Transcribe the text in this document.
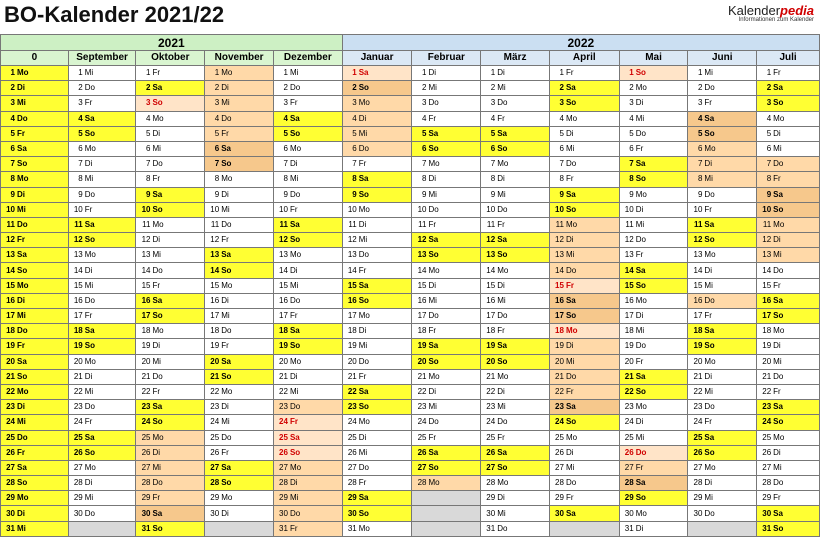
BO-Kalender 2021/22	Kalenderpedia
Informationen zum Kalender
2021					2022						
0	September	Oktober	November	Dezember	Januar	Februar	März	April	Mai	Juni	Juli
1 Mo	1 Mi	1 Fr	1 Mo	1 Mi	1 Sa	1 Di	1 Di	1 Fr	1 So	1 Mi	1 Fr
2 Di	2 Do	2 Sa	2 Di	2 Do	2 So	2 Mi	2 Mi	2 Sa	2 Mo	2 Do	2 Sa
3 Mi	3 Fr	3 So	3 Mi	3 Fr	3 Mo	3 Do	3 Do	3 So	3 Di	3 Fr	3 So
4 Do	4 Sa	4 Mo	4 Do	4 Sa	4 Di	4 Fr	4 Fr	4 Mo	4 Mi	4 Sa	4 Mo
5 Fr	5 So	5 Di	5 Fr	5 So	5 Mi	5 Sa	5 Sa	5 Di	5 Do	5 So	5 Di
6 Sa	6 Mo	6 Mi	6 Sa	6 Mo	6 Do	6 So	6 So	6 Mi	6 Fr	6 Mo	6 Mi
7 So	7 Di	7 Do	7 So	7 Di	7 Fr	7 Mo	7 Mo	7 Do	7 Sa	7 Di	7 Do
8 Mo	8 Mi	8 Fr	8 Mo	8 Mi	8 Sa	8 Di	8 Di	8 Fr	8 So	8 Mi	8 Fr
9 Di	9 Do	9 Sa	9 Di	9 Do	9 So	9 Mi	9 Mi	9 Sa	9 Mo	9 Do	9 Sa
10 Mi	10 Fr	10 So	10 Mi	10 Fr	10 Mo	10 Do	10 Do	10 So	10 Di	10 Fr	10 So
11 Do	11 Sa	11 Mo	11 Do	11 Sa	11 Di	11 Fr	11 Fr	11 Mo	11 Mi	11 Sa	11 Mo
12 Fr	12 So	12 Di	12 Fr	12 So	12 Mi	12 Sa	12 Sa	12 Di	12 Do	12 So	12 Di
13 Sa	13 Mo	13 Mi	13 Sa	13 Mo	13 Do	13 So	13 So	13 Mi	13 Fr	13 Mo	13 Mi
14 So	14 Di	14 Do	14 So	14 Di	14 Fr	14 Mo	14 Mo	14 Do	14 Sa	14 Di	14 Do
15 Mo	15 Mi	15 Fr	15 Mo	15 Mi	15 Sa	15 Di	15 Di	15 Fr	15 So	15 Mi	15 Fr
16 Di	16 Do	16 Sa	16 Di	16 Do	16 So	16 Mi	16 Mi	16 Sa	16 Mo	16 Do	16 Sa
17 Mi	17 Fr	17 So	17 Mi	17 Fr	17 Mo	17 Do	17 Do	17 So	17 Di	17 Fr	17 So
18 Do	18 Sa	18 Mo	18 Do	18 Sa	18 Di	18 Fr	18 Fr	18 Mo	18 Mi	18 Sa	18 Mo
19 Fr	19 So	19 Di	19 Fr	19 So	19 Mi	19 Sa	19 Sa	19 Di	19 Do	19 So	19 Di
20 Sa	20 Mo	20 Mi	20 Sa	20 Mo	20 Do	20 So	20 So	20 Mi	20 Fr	20 Mo	20 Mi
21 So	21 Di	21 Do	21 So	21 Di	21 Fr	21 Mo	21 Mo	21 Do	21 Sa	21 Di	21 Do
22 Mo	22 Mi	22 Fr	22 Mo	22 Mi	22 Sa	22 Di	22 Di	22 Fr	22 So	22 Mi	22 Fr
23 Di	23 Do	23 Sa	23 Di	23 Do	23 So	23 Mi	23 Mi	23 Sa	23 Mo	23 Do	23 Sa
24 Mi	24 Fr	24 So	24 Mi	24 Fr	24 Mo	24 Do	24 Do	24 So	24 Di	24 Fr	24 So
25 Do	25 Sa	25 Mo	25 Do	25 Sa	25 Di	25 Fr	25 Fr	25 Mo	25 Mi	25 Sa	25 Mo
26 Fr	26 So	26 Di	26 Fr	26 So	26 Mi	26 Sa	26 Sa	26 Di	26 Do	26 So	26 Di
27 Sa	27 Mo	27 Mi	27 Sa	27 Mo	27 Do	27 So	27 So	27 Mi	27 Fr	27 Mo	27 Mi
28 So	28 Di	28 Do	28 So	28 Di	28 Fr	28 Mo	28 Mo	28 Do	28 Sa	28 Di	28 Do
29 Mo	29 Mi	29 Fr	29 Mo	29 Mi	29 Sa		29 Di	29 Fr	29 So	29 Mi	29 Fr
30 Di	30 Do	30 Sa	30 Di	30 Do	30 So		30 Mi	30 Sa	30 Mo	30 Do	30 Sa
31 Mi		31 So		31 Fr	31 Mo		31 Do		31 Di		31 So
